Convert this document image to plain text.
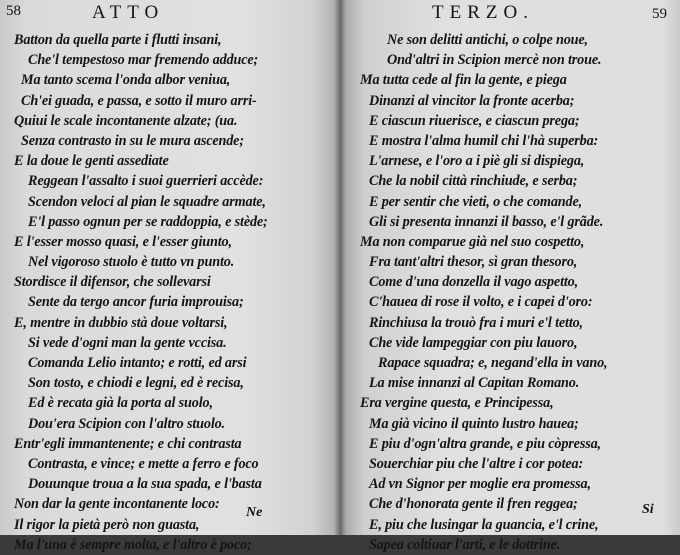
58	ATTO
Batton da quella parte i flutti insani,
Che'l tempestoso mar fremendo adduce;
Ma tanto scema l'onda albor veniua,
Ch'ei guada, e passa, e sotto il muro arri-
Quiui le scale incontanente alzate; (ua.
Senza contrasto in su le mura ascende;
E la doue le genti assediate
Reggean l'assalto i suoi guerrieri accède:
Scendon veloci al pian le squadre armate,
E'l passo ognun per se raddoppia, e stède;
E l'esser mosso quasi, e l'esser giunto,
Nel vigoroso stuolo è tutto vn punto.
Stordisce il difensor, che sollevarsi
Sente da tergo ancor furia improuisa;
E, mentre in dubbio stà doue voltarsi,
Si vede d'ogni man la gente vccisa.
Comanda Lelio intanto; e rotti, ed arsi
Son tosto, e chiodi e legni, ed è recisa,
Ed è recata già la porta al suolo,
Dou'era Scipion con l'altro stuolo.
Entr'egli immantenente; e chi contrasta
Contrasta, e vince; e mette a ferro e foco
Douunque troua a la sua spada, e l'basta
Non dar la gente incontanente loco:
Il rigor la pietà però non guasta,
Ma l'una è sempre molta, e l'altro è poco;
Ne
TERZO.	59
Ne son delitti antichi, o colpe noue,
Ond'altri in Scipion mercè non troue.
Ma tutta cede al fin la gente, e piega
Dinanzi al vincitor la fronte acerba;
E ciascun riuerisce, e ciascun prega;
E mostra l'alma humil chi l'hà superba:
L'arnese, e l'oro a i piè gli si dispiega,
Che la nobil città rinchiude, e serba;
E per sentir che vieti, o che comande,
Gli si presenta innanzi il basso, e'l grãde.
Ma non comparue già nel suo cospetto,
Fra tant'altri thesor, sì gran thesoro,
Come d'una donzella il vago aspetto,
C'hauea di rose il volto, e i capei d'oro:
Rinchiusa la trouò fra i muri e'l tetto,
Che vide lampeggiar con piu lauoro,
Rapace squadra; e, negand'ella in vano,
La mise innanzi al Capitan Romano.
Era vergine questa, e Principessa,
Ma già vicino il quinto lustro hauea;
E piu d'ogn'altra grande, e piu còpressa,
Souerchiar piu che l'altre i cor potea:
Ad vn Signor per moglie era promessa,
Che d'honorata gente il fren reggea;
E, piu che lusingar la guancia, e'l crine,
Sapea coltiuar l'arti, e le dottrine.
Si
